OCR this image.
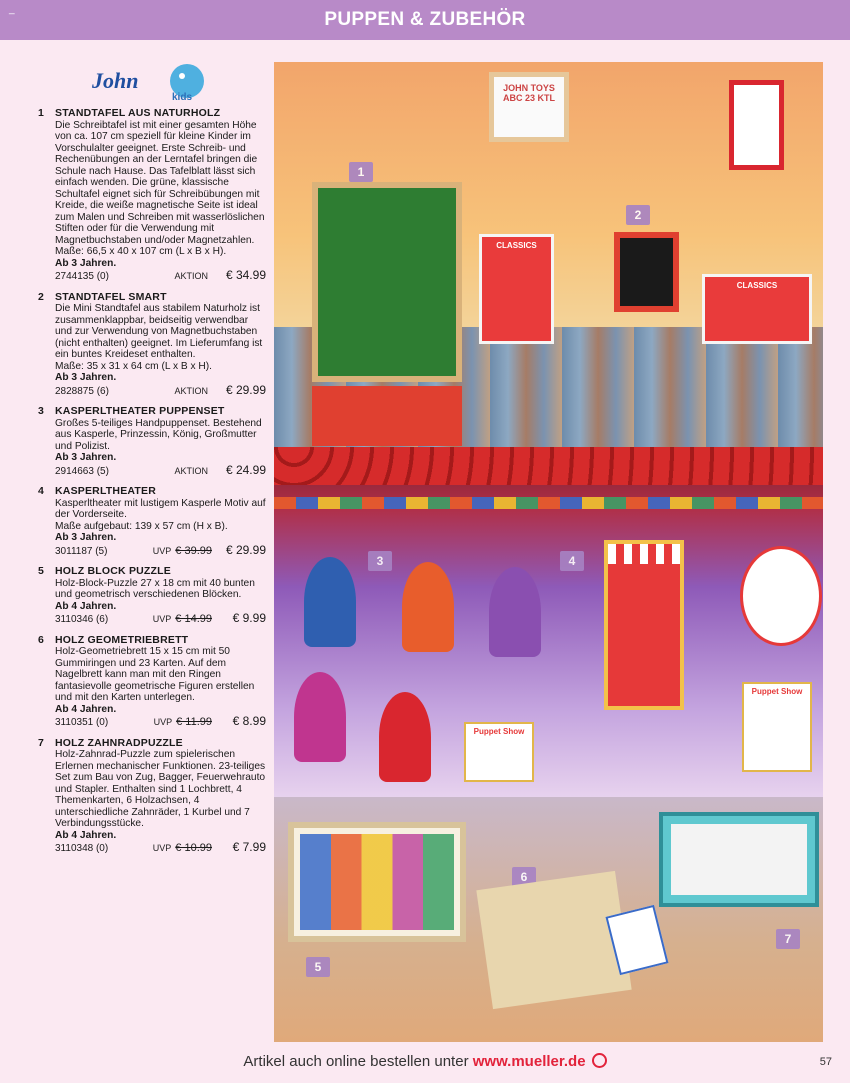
_	PUPPEN & ZUBEHÖR
John
kids
1 STANDTAFEL AUS NATURHOLZ
Die Schreibtafel ist mit einer gesamten Höhe von ca. 107 cm speziell für kleine Kinder im Vorschulalter geeignet. Erste Schreib- und Rechenübungen an der Lerntafel bringen die Schule nach Hause. Das Tafelblatt lässt sich einfach wenden. Die grüne, klassische Schultafel eignet sich für Schreibübungen mit Kreide, die weiße magnetische Seite ist ideal zum Malen und Schreiben mit wasserlöslichen Stiften oder für die Verwendung mit Magnetbuchstaben und/oder Magnetzahlen.
Maße: 66,5 x 40 x 107 cm (L x B x H).
Ab 3 Jahren.
2744135 (0)	AKTION	€ 34.99
2 STANDTAFEL SMART
Die Mini Standtafel aus stabilem Naturholz ist zusammenklappbar, beidseitig verwendbar und zur Verwendung von Magnetbuchstaben (nicht enthalten) geeignet. Im Lieferumfang ist ein buntes Kreideset enthalten.
Maße: 35 x 31 x 64 cm (L x B x H).
Ab 3 Jahren.
2828875 (6)	AKTION	€ 29.99
3 KASPERLTHEATER PUPPENSET
Großes 5-teiliges Handpuppenset. Bestehend aus Kasperle, Prinzessin, König, Großmutter und Polizist.
Ab 3 Jahren.
2914663 (5)	AKTION	€ 24.99
4 KASPERLTHEATER
Kasperltheater mit lustigem Kasperle Motiv auf der Vorderseite.
Maße aufgebaut: 139 x 57 cm (H x B).
Ab 3 Jahren.
3011187 (5)	UVP € 39.99	€ 29.99
5 HOLZ BLOCK PUZZLE
Holz-Block-Puzzle 27 x 18 cm mit 40 bunten und geometrisch verschiedenen Blöcken.
Ab 4 Jahren.
3110346 (6)	UVP € 14.99	€ 9.99
6 HOLZ GEOMETRIEBRETT
Holz-Geometriebrett 15 x 15 cm mit 50 Gummiringen und 23 Karten. Auf dem Nagelbrett kann man mit den Ringen fantasievolle geometrische Figuren erstellen und mit den Karten unterlegen.
Ab 4 Jahren.
3110351 (0)	UVP € 11.99	€ 8.99
7 HOLZ ZAHNRADPUZZLE
Holz-Zahnrad-Puzzle zum spielerischen Erlernen mechanischer Funktionen. 23-teiliges Set zum Bau von Zug, Bagger, Feuerwehrauto und Stapler. Enthalten sind 1 Lochbrett, 4 Themenkarten, 6 Holzachsen, 4 unterschiedliche Zahnräder, 1 Kurbel und 7 Verbindungsstücke.
Ab 4 Jahren.
3110348 (0)	UVP € 10.99	€ 7.99
JOHN TOYS ABC 23 KTL
CLASSICS
CLASSICS
1
2
3	4
5
6
7
Puppet Show
Puppet Show
Artikel auch online bestellen unter www.mueller.de	57
